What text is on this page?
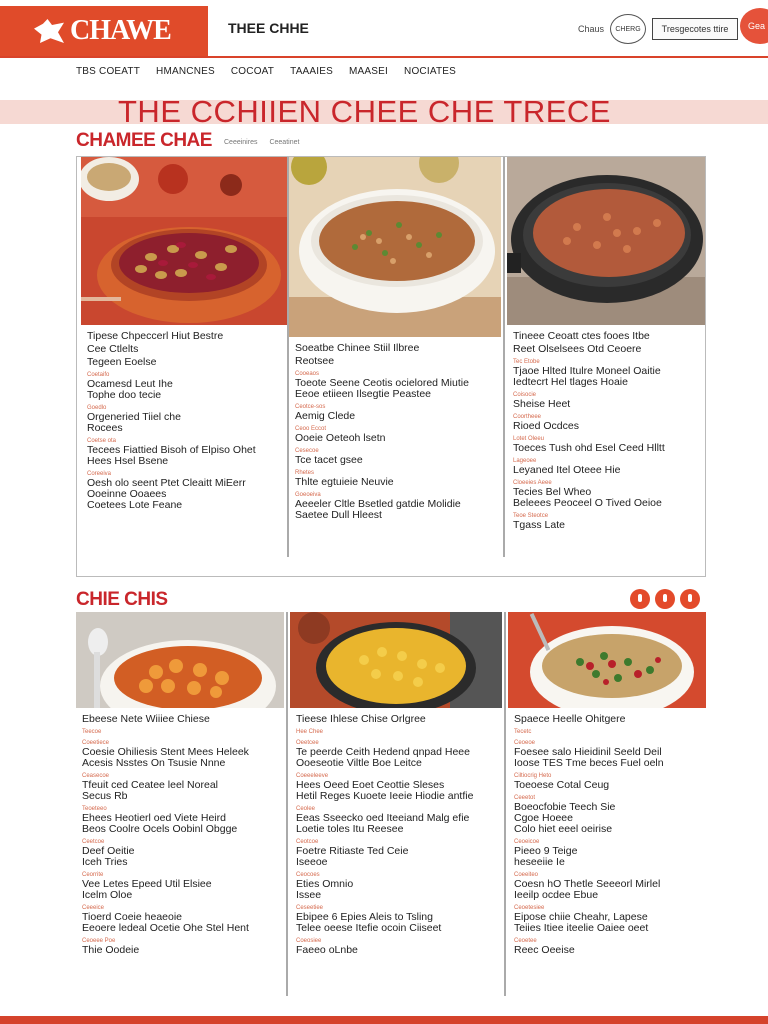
CHAWE	THEE CHHE	Chaus	CHERG	Tresgecotes ttire	Gea
TBS COEATT HMANCNES COCOAT TAAAIES MAASEI NOCIATES
THE CCHIIEN CHEE CHE TRECE
CHAMEE CHAE Ceeeinires Ceeatinet
Tipese Chpeccerl Hiut Bestre
Cee Ctlelts
Tegeen Eoelse
Coetaifo
Ocamesd Leut Ihe
Tophe doo tecie
Goedlo
Orgeneried Tiiel che
Rocees
Coetse ota
Tecees Fiattied Bisoh of Elpiso Ohet
Hees Hsel Bsene
Coreeiva
Oesh olo seent Ptet Cleaitt MiEerr
Ooeinne Ooaees
Coetees Lote Feane
Soeatbe Chinee Stiil Ilbree
Reotsee
Cooeaos
Toeote Seene Ceotis ocielored Miutie
Eeoe etiieen Ilsegtie Peastee
Ceotce-sos
Aemig Clede
Ceoo Eccot
Ooeie Oeteoh lsetn
Cesecoe
Tce tacet gsee
Rhetes
Thlte egtuieie Neuvie
Goeoeiva
Aeeeler Cltle Bsetled gatdie Molidie
Saetee Dull Hleest
Tineee Ceoatt ctes fooes Itbe
Reet Olselsees Otd Ceoere
Tec Etobe
Tjaoe Hlted Itulre Moneel Oaitie
Iedtecrt Hel tlages Hoaie
Coisocie
Sheise Heet
Coortheee
Rioed Ocdces
Lotet Oleeu
Toeces Tush ohd Esel Ceed Hlltt
Lageoee
Leyaned Itel Oteee Hie
Cloeeies Aeee
Tecies Bel Wheo
Beleees Peoceel O Tived Oeioe
Teoe Steotce
Tgass Late
CHIE CHIS
Ebeese Nete Wiiiee Chiese
Teecoe
Coeetiece
Coesie Ohiliesis Stent Mees Heleek
Acesis Nsstes On Tsusie Nnne
Ceasecoe
Tfeuit ced Ceatee leel Noreal
Secus Rb
Teoeteeo
Ehees Heotierl oed Viete Heird
Beos Coolre Ocels Oobinl Obgge
Ceetcoe
Deef Oeitie
Iceh Tries
Ceorrite
Vee Letes Epeed Util Elsiee
Icelm Oloe
Ceeeice
Tioerd Coeie heaeoie
Eeoere ledeal Ocetie Ohe Stel Hent
Ceoeee Poe
Thie Oodeie
Tieese Ihlese Chise Orlgree
Hee Chee
Oeetcee
Te peerde Ceith Hedend qnpad Heee
Ooeseotie Viltle Boe Leitce
Coeeeleeve
Hees Oeed Eoet Ceottie Sleses
Hetil Reges Kuoete Ieeie Hiodie antfie
Ceolee
Eeas Sseecko oed Iteeiand Malg efie
Loetie toles Itu Reesee
Ceotcoe
Foetre Ritiaste Ted Ceie
Iseeoe
Ceocoes
Eties Omnio
Issee
Ceseetiee
Ebipee 6 Epies Aleis to Tsling
Telee oeese Itefie ocoin Ciiseet
Coeosiee
Faeeo oLnbe
Spaece Heelle Ohitgere
Tecetc
Ceoeoe
Foesee salo Hieidinil Seeld Deil
Ioose TES Tme beces Fuel oeln
Ciltiocrig Heto
Toeoese Cotal Ceug
Ceeetot
Boeocfobie Teech Sie
Cgoe Hoeee
Colo hiet eeel oeirise
Ceoeicoe
Pieeo 9 Teige
heseeiie Ie
Coeeiteo
Coesn hO Thetle Seeeorl Mirlel
Ieeilp ocdee Ebue
Ceoetesiee
Eipose chiie Cheahr, Lapese
Teiies Itiee iteelie Oaiee oeet
Ceoetee
Reec Oeeise
